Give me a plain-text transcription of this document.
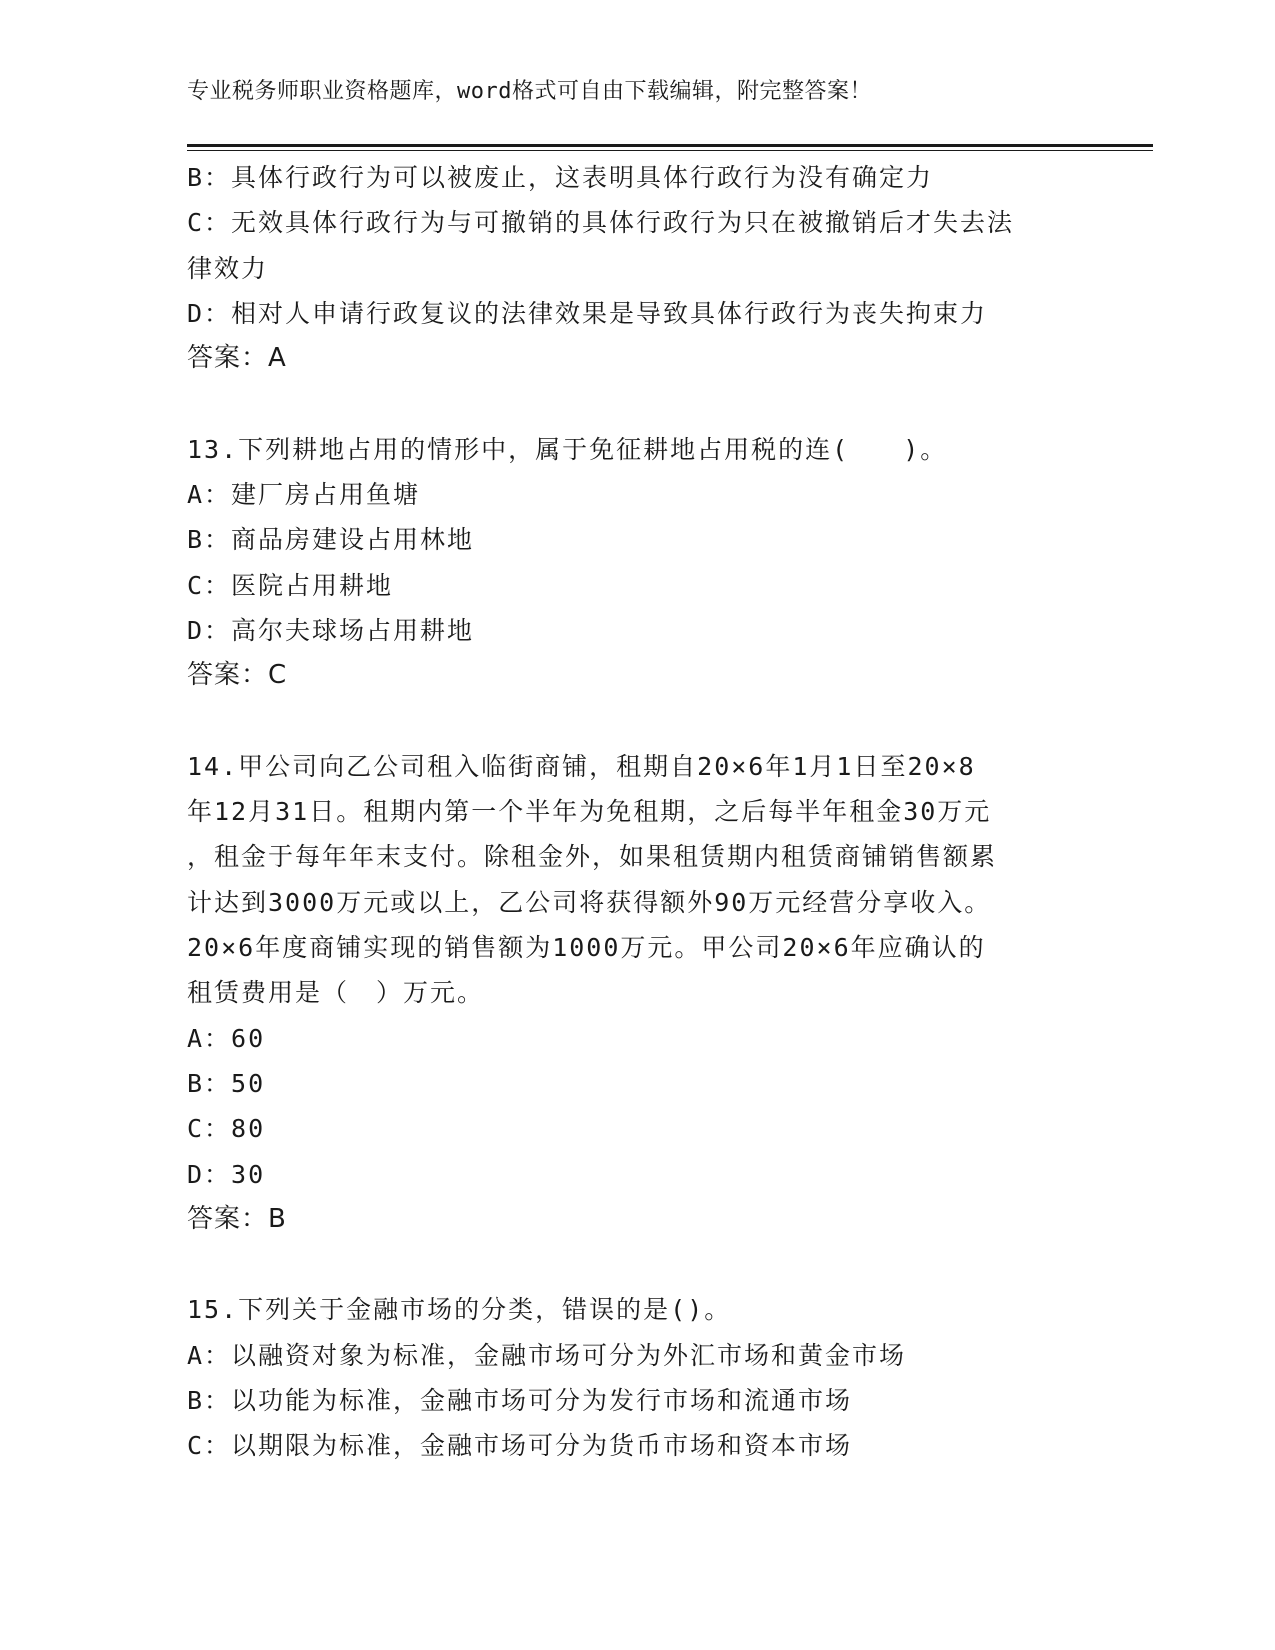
专业税务师职业资格题库，word格式可自由下载编辑，附完整答案！
B：具体行政行为可以被废止，这表明具体行政行为没有确定力
C：无效具体行政行为与可撤销的具体行政行为只在被撤销后才失去法
律效力
D：相对人申请行政复议的法律效果是导致具体行政行为丧失拘束力
答案：A
13.下列耕地占用的情形中，属于免征耕地占用税的连(　　)。
A：建厂房占用鱼塘
B：商品房建设占用林地
C：医院占用耕地
D：高尔夫球场占用耕地
答案：C
14.甲公司向乙公司租入临街商铺，租期自20×6年1月1日至20×8
年12月31日。租期内第一个半年为免租期，之后每半年租金30万元
，租金于每年年末支付。除租金外，如果租赁期内租赁商铺销售额累
计达到3000万元或以上，乙公司将获得额外90万元经营分享收入。
20×6年度商铺实现的销售额为1000万元。甲公司20×6年应确认的
租赁费用是（　）万元。
A：60
B：50
C：80
D：30
答案：B
15.下列关于金融市场的分类，错误的是()。
A：以融资对象为标准，金融市场可分为外汇市场和黄金市场
B：以功能为标准，金融市场可分为发行市场和流通市场
C：以期限为标准，金融市场可分为货币市场和资本市场
